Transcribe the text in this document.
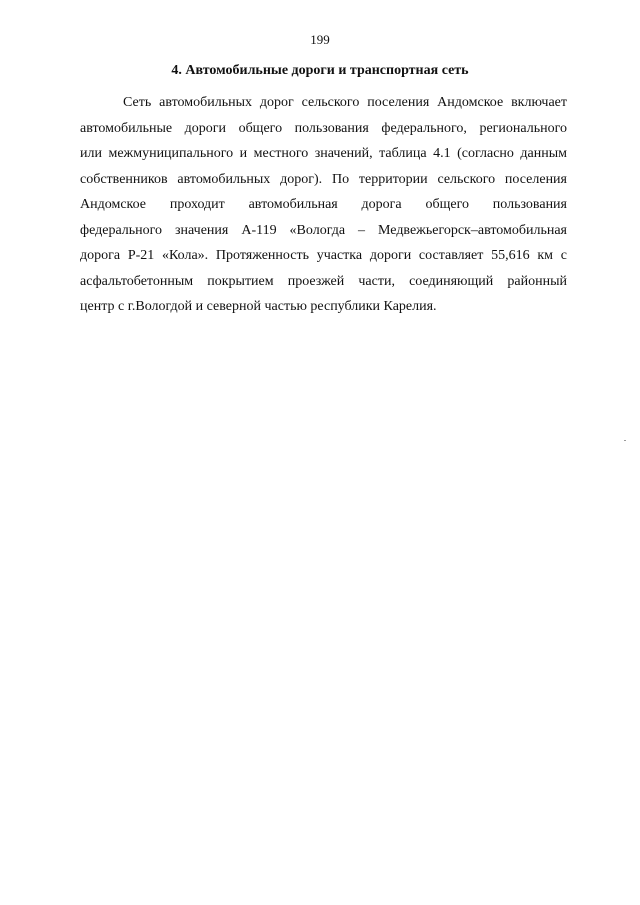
199
4. Автомобильные дороги и транспортная сеть
Сеть автомобильных дорог сельского поселения Андомское включает
автомобильные дороги общего пользования федерального, регионального
или межмуниципального и местного значений, таблица 4.1 (согласно данным
собственников автомобильных дорог). По территории сельского поселения
Андомское проходит автомобильная дорога общего пользования
федерального значения А-119 «Вологда – Медвежьегорск–автомобильная
дорога Р-21 «Кола». Протяженность участка дороги составляет 55,616 км с
асфальтобетонным покрытием проезжей части, соединяющий районный
центр с г.Вологдой и северной частью республики Карелия.
